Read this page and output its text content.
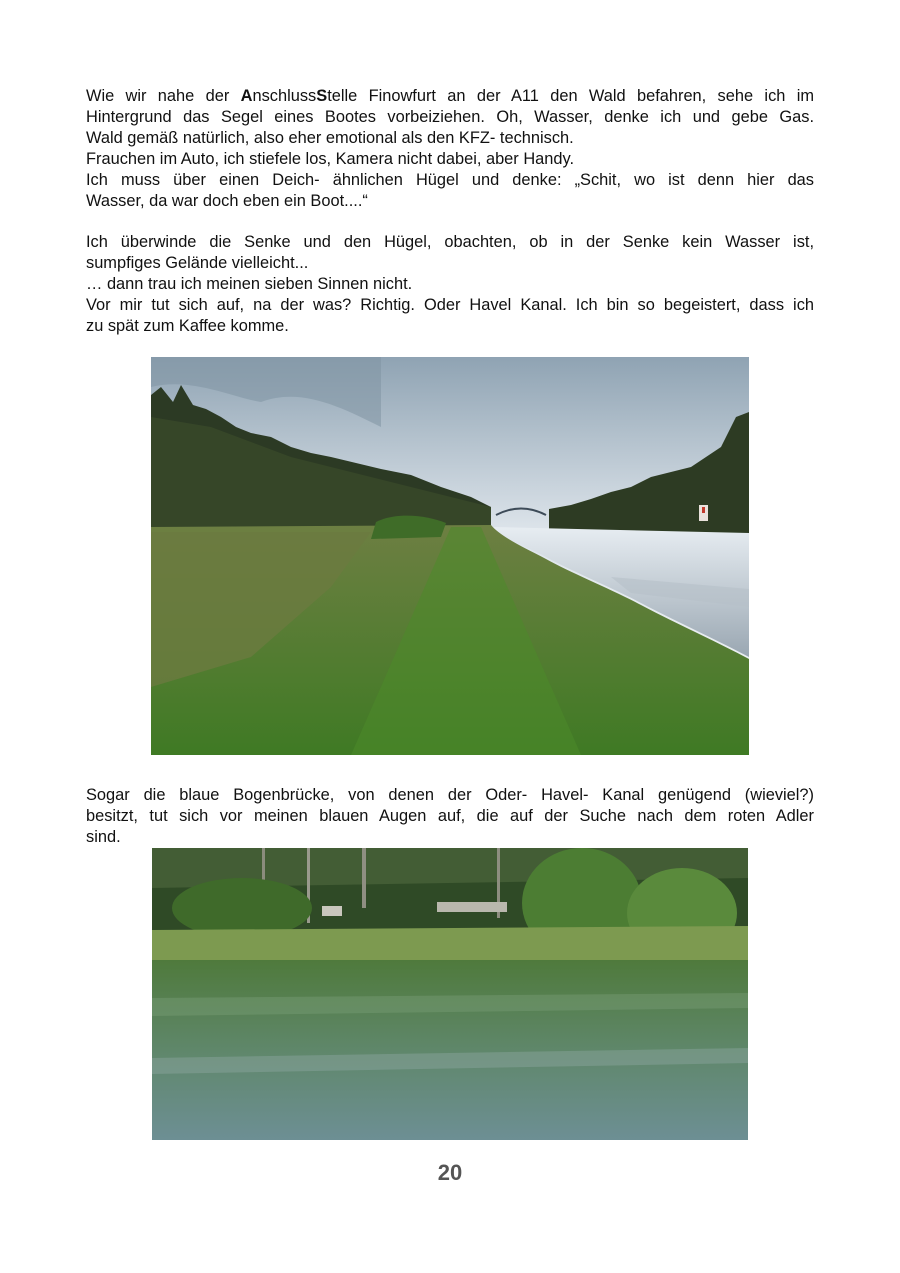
Wie wir nahe der AnschlussStelle Finowfurt an der A11 den Wald befahren, sehe ich im
Hintergrund das Segel eines Bootes vorbeiziehen. Oh, Wasser, denke ich und gebe Gas.
Wald gemäß natürlich, also eher emotional als den KFZ- technisch.
Frauchen im Auto, ich stiefele los, Kamera nicht dabei, aber Handy.
Ich muss über einen Deich- ähnlichen Hügel und denke: „Schit, wo ist denn hier das
Wasser, da war doch eben ein Boot....“
Ich überwinde die Senke und den Hügel, obachten, ob in der Senke kein Wasser ist,
sumpfiges Gelände vielleicht...
… dann trau ich meinen sieben Sinnen nicht.
Vor mir tut sich auf, na der was? Richtig. Oder Havel Kanal. Ich bin so begeistert, dass ich
zu spät zum Kaffee komme.
Sogar die blaue Bogenbrücke, von denen der Oder- Havel- Kanal genügend (wieviel?)
besitzt, tut sich vor meinen blauen Augen auf, die auf der Suche nach dem roten Adler
sind.
20
